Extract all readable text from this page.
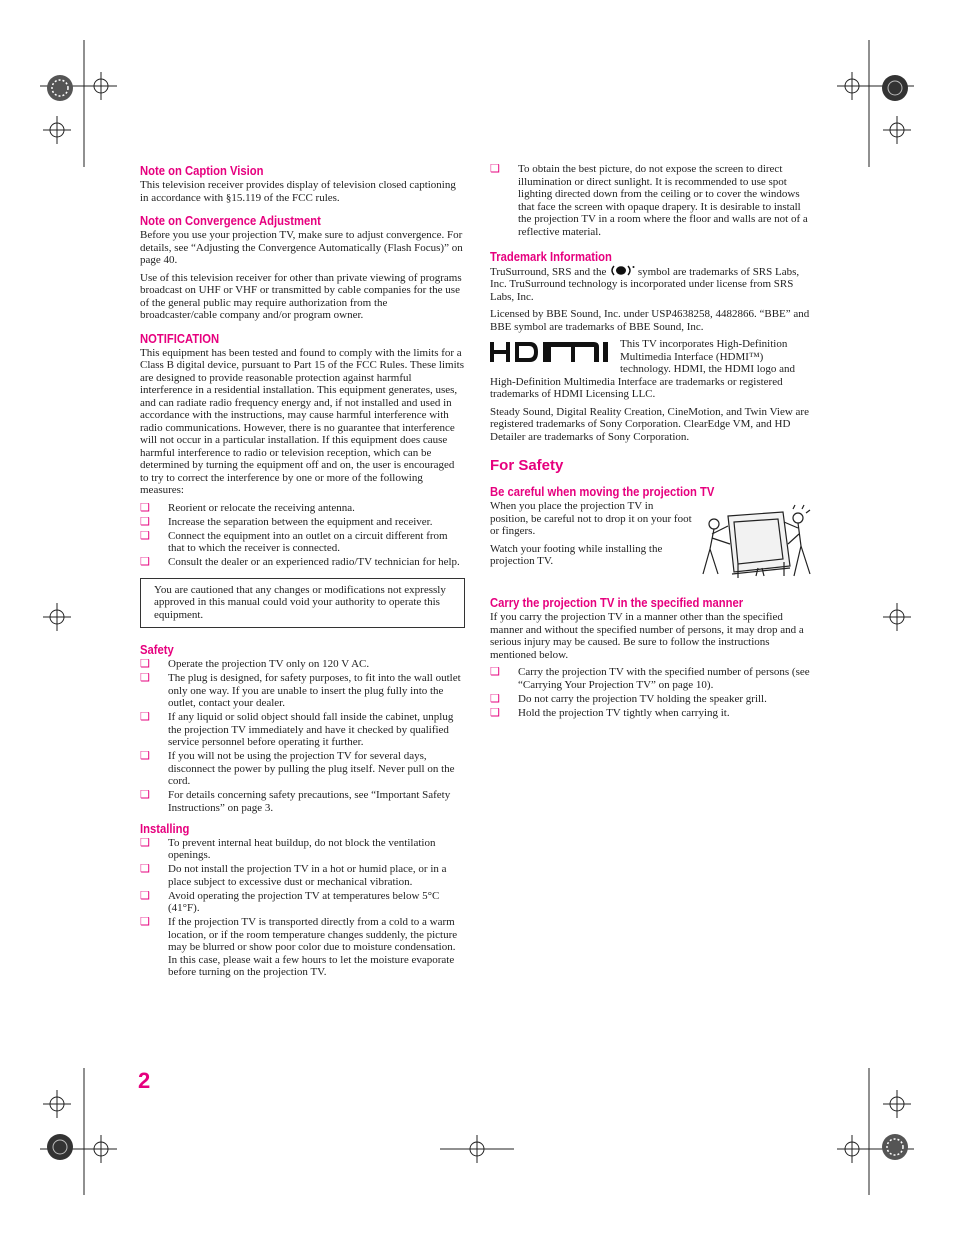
Note on Caption Vision

This television receiver provides display of television closed captioning in accordance with §15.119 of the FCC rules.

Note on Convergence Adjustment

Before you use your projection TV, make sure to adjust convergence. For details, see “Adjusting the Convergence Automatically (Flash Focus)” on page 40.

Use of this television receiver for other than private viewing of programs broadcast on UHF or VHF or transmitted by cable companies for the use of the general public may require authorization from the broadcaster/cable company and/or program owner.

NOTIFICATION

This equipment has been tested and found to comply with the limits for a Class B digital device, pursuant to Part 15 of the FCC Rules. These limits are designed to provide reasonable protection against harmful interference in a residential installation. This equipment generates, uses, and can radiate radio frequency energy and, if not installed and used in accordance with the instructions, may cause harmful interference with radio communications. However, there is no guarantee that interference will not occur in a particular installation. If this equipment does cause harmful interference to radio or television reception, which can be determined by turning the equipment off and on, the user is encouraged to try to correct the interference by one or more of the following measures:

❑ Reorient or relocate the receiving antenna.
❑ Increase the separation between the equipment and receiver.
❑ Connect the equipment into an outlet on a circuit different from that to which the receiver is connected.
❑ Consult the dealer or an experienced radio/TV technician for help.

You are cautioned that any changes or modifications not expressly approved in this manual could void your authority to operate this equipment.

Safety
❑ Operate the projection TV only on 120 V AC.
❑ The plug is designed, for safety purposes, to fit into the wall outlet only one way. If you are unable to insert the plug fully into the outlet, contact your dealer.
❑ If any liquid or solid object should fall inside the cabinet, unplug the projection TV immediately and have it checked by qualified service personnel before operating it further.
❑ If you will not be using the projection TV for several days, disconnect the power by pulling the plug itself. Never pull on the cord.
❑ For details concerning safety precautions, see “Important Safety Instructions” on page 3.
Installing
❑ To prevent internal heat buildup, do not block the ventilation openings.
❑ Do not install the projection TV in a hot or humid place, or in a place subject to excessive dust or mechanical vibration.
❑ Avoid operating the projection TV at temperatures below 5°C (41°F).
❑ If the projection TV is transported directly from a cold to a warm location, or if the room temperature changes suddenly, the picture may be blurred or show poor color due to moisture condensation. In this case, please wait a few hours to let the moisture evaporate before turning on the projection TV.
❑ To obtain the best picture, do not expose the screen to direct illumination or direct sunlight. It is recommended to use spot lighting directed down from the ceiling or to cover the windows that face the screen with opaque drapery. It is desirable to install the projection TV in a room where the floor and walls are not of a reflective material.
Trademark Information

TruSurround, SRS and the	symbol are trademarks of SRS Labs, Inc. TruSurround technology is incorporated under license from SRS Labs, Inc.

Licensed by BBE Sound, Inc. under USP4638258, 4482866. “BBE” and BBE symbol are trademarks of BBE Sound, Inc.

This TV incorporates High-Definition Multimedia Interface (HDMI™) technology. HDMI, the HDMI logo and High-Definition Multimedia Interface are trademarks or registered trademarks of HDMI Licensing LLC.

Steady Sound, Digital Reality Creation, CineMotion, and Twin View are registered trademarks of Sony Corporation. ClearEdge VM, and HD Detailer are trademarks of Sony Corporation.

For Safety
Be careful when moving the projection TV

When you place the projection TV in position, be careful not to drop it on your foot or fingers.

Watch your footing while installing the projection TV.

Carry the projection TV in the specified manner

If you carry the projection TV in a manner other than the specified manner and without the specified number of persons, it may drop and a serious injury may be caused. Be sure to follow the instructions mentioned below.

❑ Carry the projection TV with the specified number of persons (see “Carrying Your Projection TV” on page 10).
❑ Do not carry the projection TV holding the speaker grill.
❑ Hold the projection TV tightly when carrying it.
2
